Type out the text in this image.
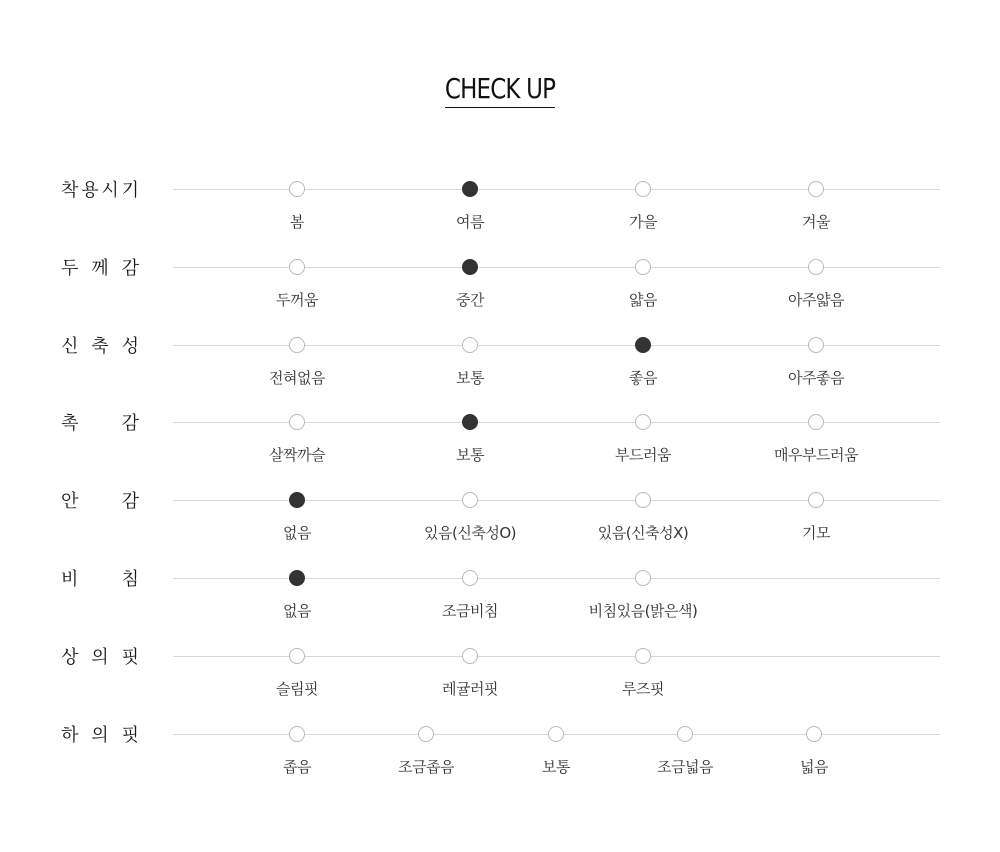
CHECK UP
착 용 시 기
봄	여름	가을	겨울
두 께 감
두꺼움	중간	얇음	아주얇음
신 축 성
전혀없음	보통	좋음	아주좋음
촉 감
살짝까슬	보통	부드러움	매우부드러움
안 감
없음	있음(신축성O)	있음(신축성X)	기모
비 침
없음	조금비침	비침있음(밝은색)
상 의 핏
슬림핏	레귤러핏	루즈핏
하 의 핏
좁음	조금좁음	보통	조금넓음	넓음
